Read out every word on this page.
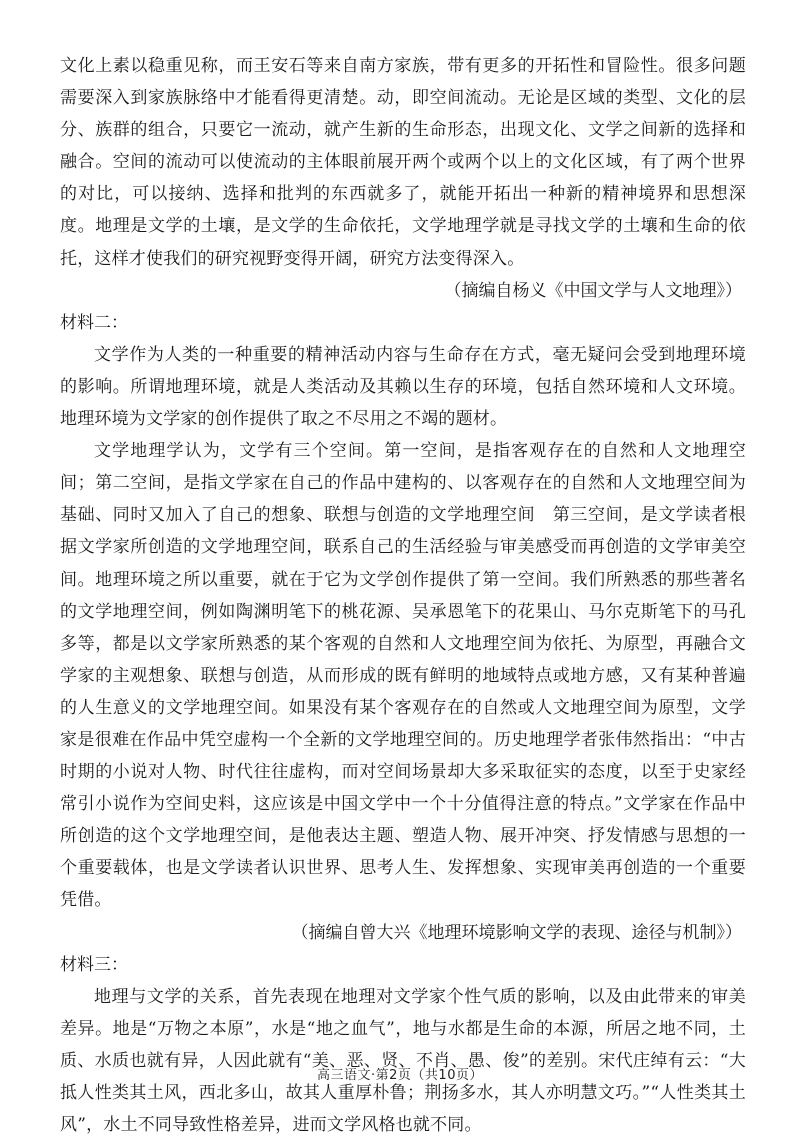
文化上素以稳重见称，而王安石等来自南方家族，带有更多的开拓性和冒险性。很多问题需要深入到家族脉络中才能看得更清楚。动，即空间流动。无论是区域的类型、文化的层分、族群的组合，只要它一流动，就产生新的生命形态，出现文化、文学之间新的选择和融合。空间的流动可以使流动的主体眼前展开两个或两个以上的文化区域，有了两个世界的对比，可以接纳、选择和批判的东西就多了，就能开拓出一种新的精神境界和思想深度。地理是文学的土壤，是文学的生命依托，文学地理学就是寻找文学的土壤和生命的依托，这样才使我们的研究视野变得开阔，研究方法变得深入。

（摘编自杨义《中国文学与人文地理》）
材料二：

文学作为人类的一种重要的精神活动内容与生命存在方式，毫无疑问会受到地理环境的影响。所谓地理环境，就是人类活动及其赖以生存的环境，包括自然环境和人文环境。地理环境为文学家的创作提供了取之不尽用之不竭的题材。

文学地理学认为，文学有三个空间。第一空间，是指客观存在的自然和人文地理空间；第二空间，是指文学家在自己的作品中建构的、以客观存在的自然和人文地理空间为基础、同时又加入了自己的想象、联想与创造的文学地理空间　第三空间，是文学读者根据文学家所创造的文学地理空间，联系自己的生活经验与审美感受而再创造的文学审美空间。地理环境之所以重要，就在于它为文学创作提供了第一空间。我们所熟悉的那些著名的文学地理空间，例如陶渊明笔下的桃花源、吴承恩笔下的花果山、马尔克斯笔下的马孔多等，都是以文学家所熟悉的某个客观的自然和人文地理空间为依托、为原型，再融合文学家的主观想象、联想与创造，从而形成的既有鲜明的地域特点或地方感，又有某种普遍的人生意义的文学地理空间。如果没有某个客观存在的自然或人文地理空间为原型，文学家是很难在作品中凭空虚构一个全新的文学地理空间的。历史地理学者张伟然指出：“中古时期的小说对人物、时代往往虚构，而对空间场景却大多采取征实的态度，以至于史家经常引小说作为空间史料，这应该是中国文学中一个十分值得注意的特点。”文学家在作品中所创造的这个文学地理空间，是他表达主题、塑造人物、展开冲突、抒发情感与思想的一个重要载体，也是文学读者认识世界、思考人生、发挥想象、实现审美再创造的一个重要凭借。

（摘编自曾大兴《地理环境影响文学的表现、途径与机制》）
材料三：

地理与文学的关系，首先表现在地理对文学家个性气质的影响，以及由此带来的审美差异。地是“万物之本原”，水是“地之血气”，地与水都是生命的本源，所居之地不同，土质、水质也就有异，人因此就有“美、恶、贤、不肖、愚、俊”的差别。宋代庄绰有云：“大抵人性类其土风，西北多山，故其人重厚朴鲁；荆扬多水，其人亦明慧文巧。”“人性类其土风”，水土不同导致性格差异，进而文学风格也就不同。

高三语文·第2页（共10页）
